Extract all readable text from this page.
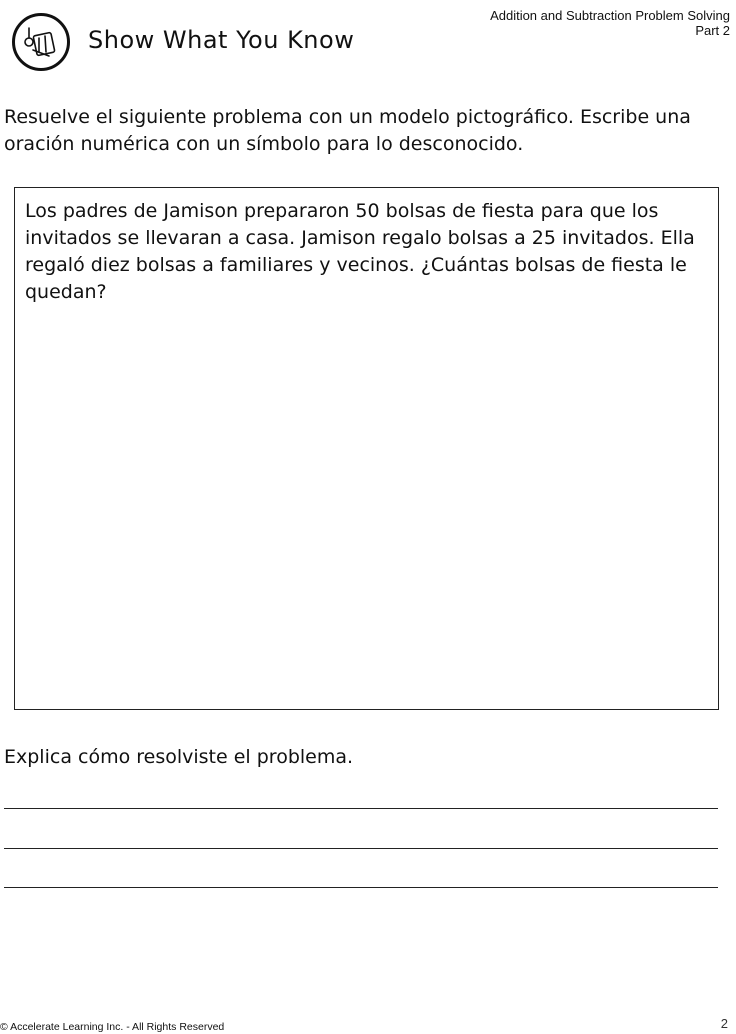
Show What You Know
Addition and Subtraction Problem Solving
Part 2
Resuelve el siguiente problema con un modelo pictográfico. Escribe una oración numérica con un símbolo para lo desconocido.
Los padres de Jamison prepararon 50 bolsas de fiesta para que los invitados se llevaran a casa. Jamison regalo bolsas a 25 invitados. Ella regaló diez bolsas a familiares y vecinos. ¿Cuántas bolsas de fiesta le quedan?
Explica cómo resolviste el problema.
© Accelerate Learning Inc. - All Rights Reserved	2
